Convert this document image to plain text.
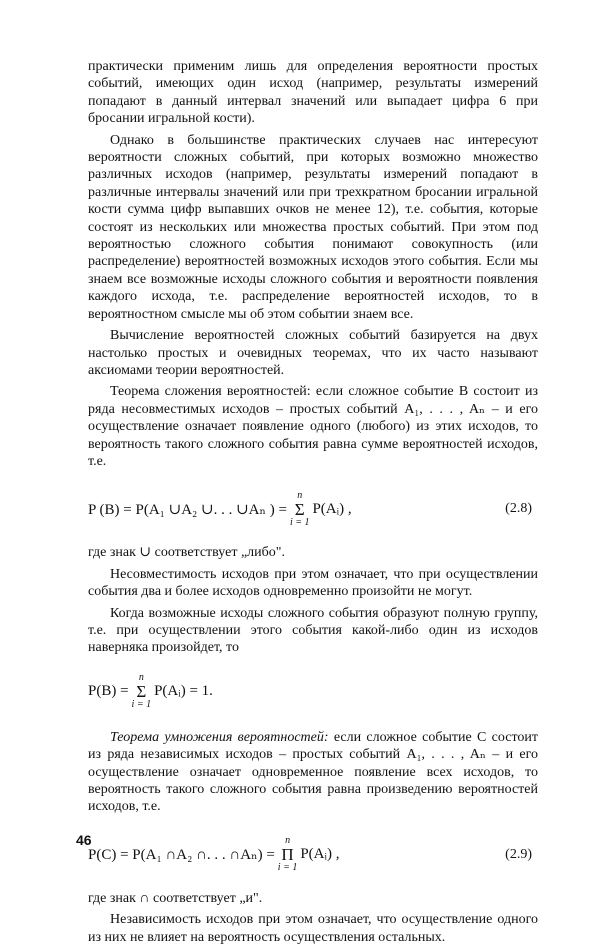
практически применим лишь для определения вероятности простых событий, имеющих один исход (например, результаты измерений попадают в данный интервал значений или выпадает цифра 6 при бросании игральной кости).

Однако в большинстве практических случаев нас интересуют вероятности сложных событий, при которых возможно множество различных исходов (например, результаты измерений попадают в различные интервалы значений или при трехкратном бросании игральной кости сумма цифр выпавших очков не менее 12), т.е. события, которые состоят из нескольких или множества простых событий. При этом под вероятностью сложного события понимают совокупность (или распределение) вероятностей возможных исходов этого события. Если мы знаем все возможные исходы сложного события и вероятности появления каждого исхода, т.е. распределение вероятностей исходов, то в вероятностном смысле мы об этом событии знаем все.

Вычисление вероятностей сложных событий базируется на двух настолько простых и очевидных теоремах, что их часто называют аксиомами теории вероятностей.

Теорема сложения вероятностей: если сложное событие B состоит из ряда несовместимых исходов – простых событий A₁, . . . , Aₙ – и его осуществление означает появление одного (любого) из этих исходов, то вероятность такого сложного события равна сумме вероятностей исходов, т.е.

P (B) = P(A₁ ∪A₂ ∪. . . ∪Aₙ ) =
n
Σ
i = 1
P(Aᵢ) ,	(2.8)

где знак ∪ соответствует „либо".

Несовместимость исходов при этом означает, что при осуществлении события два и более исходов одновременно произойти не могут.

Когда возможные исходы сложного события образуют полную группу, т.е. при осуществлении этого события какой-либо один из исходов наверняка произойдет, то

P(B) =
n
Σ
i = 1
P(Aᵢ) = 1.

Теорема умножения вероятностей: если сложное событие C состоит из ряда независимых исходов – простых событий A₁, . . . , Aₙ – и его осуществление означает одновременное появление всех исходов, то вероятность такого сложного события равна произведению вероятностей исходов, т.е.

P(C) = P(A₁ ∩A₂ ∩. . . ∩Aₙ) =
n
Π
i = 1
P(Aᵢ) ,	(2.9)

где знак ∩ соответствует „и".

Независимость исходов при этом означает, что осуществление одного из них не влияет на вероятность осуществления остальных.

46
